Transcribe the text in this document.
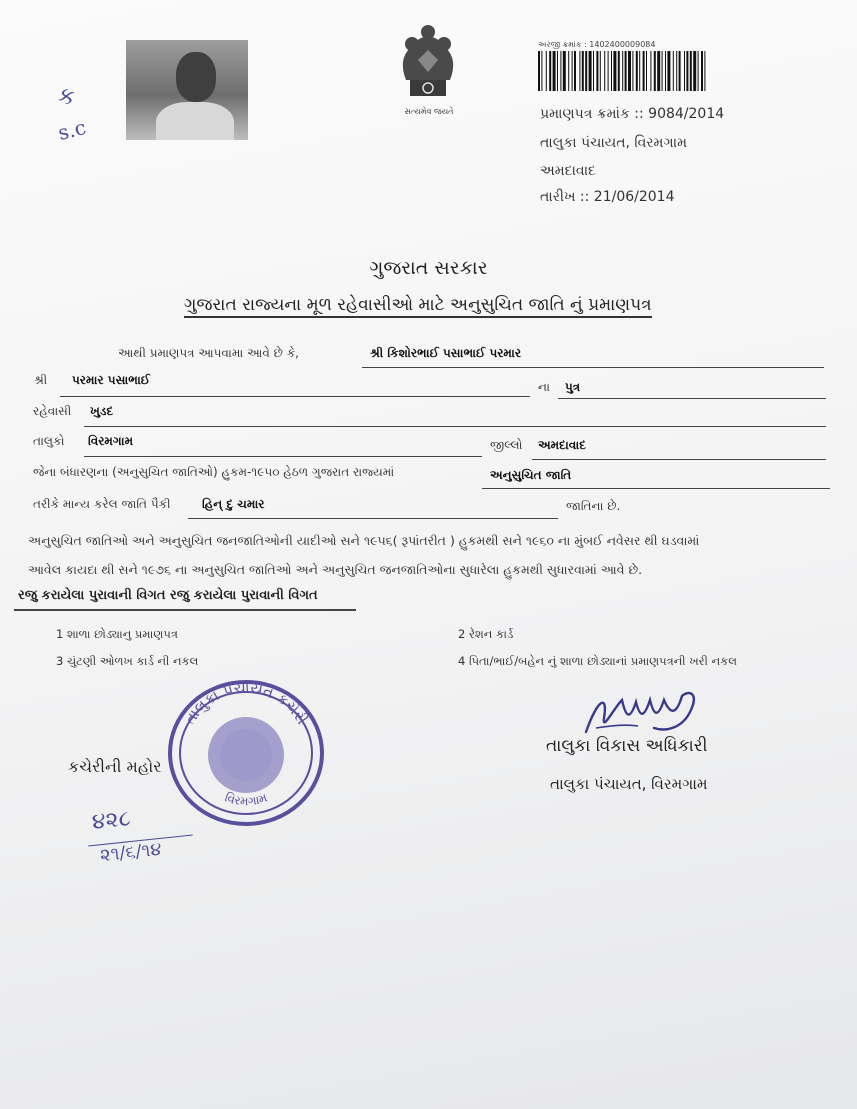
ક
s.c
સત્યમેવ જયતે
અરજી ક્રમાંક : 1402400009084
પ્રમાણપત્ર ક્રમાંક :: 9084/2014
તાલુકા પંચાયત, વિરમગામ
અમદાવાદ
તારીખ :: 21/06/2014
ગુજરાત સરકાર
ગુજરાત રાજ્યના મૂળ રહેવાસીઓ માટે અનુસુચિત જાતિ નું પ્રમાણપત્ર
આથી પ્રમાણપત્ર આપવામા આવે છે કે,	શ્રી કિશોરભાઈ પસાભાઈ પરમાર
શ્રી પરમાર પસાભાઈ	ના પુત્ર
રહેવાસી ખુડદ
તાલુકો વિરમગામ	જીલ્લો અમદાવાદ
જેના બંધારણના (અનુસુચિત જાતિઓ) હુકમ-૧૯૫૦ હેઠળ ગુજરાત રાજ્યમાં	અનુસુચિત જાતિ
તરીકે માન્ય કરેલ જાતિ પૈકી	હિન્ દુ ચમાર	જાતિના છે.
અનુસુચિત જાતિઓ અને અનુસુચિત જનજાતિઓની યાદીઓ સને ૧૯૫૬( રૂપાંતરીત ) હુકમથી સને ૧૯૬૦ ના મુંબઈ નવેસર થી ઘડવામાં
આવેલ કાયદા થી સને ૧૯૭૬ ના અનુસુચિત જાતિઓ અને અનુસુચિત જનજાતિઓના સુધારેલા હુકમથી સુધારવામાં આવે છે.
રજુ કરાયેલા પુરાવાની વિગત રજુ કરાયેલા પુરાવાની વિગત
1 શાળા છોડ્યાનુ પ્રમાણપત્ર	2 રેશન કાર્ડ
3 ચુંટણી ઓળખ કાર્ડ ની નકલ	4 પિતા/ભાઈ/બહેન નું શાળા છોડ્યાનાં પ્રમાણપત્રની ખરી નકલ
તાલુકા પંચાયત કચેરી
વિરમગામ
કચેરીની મહોર
૪૨૮
૨૧/૬/૧૪
તાલુકા વિકાસ અધિકારી
તાલુકા પંચાયત, વિરમગામ
